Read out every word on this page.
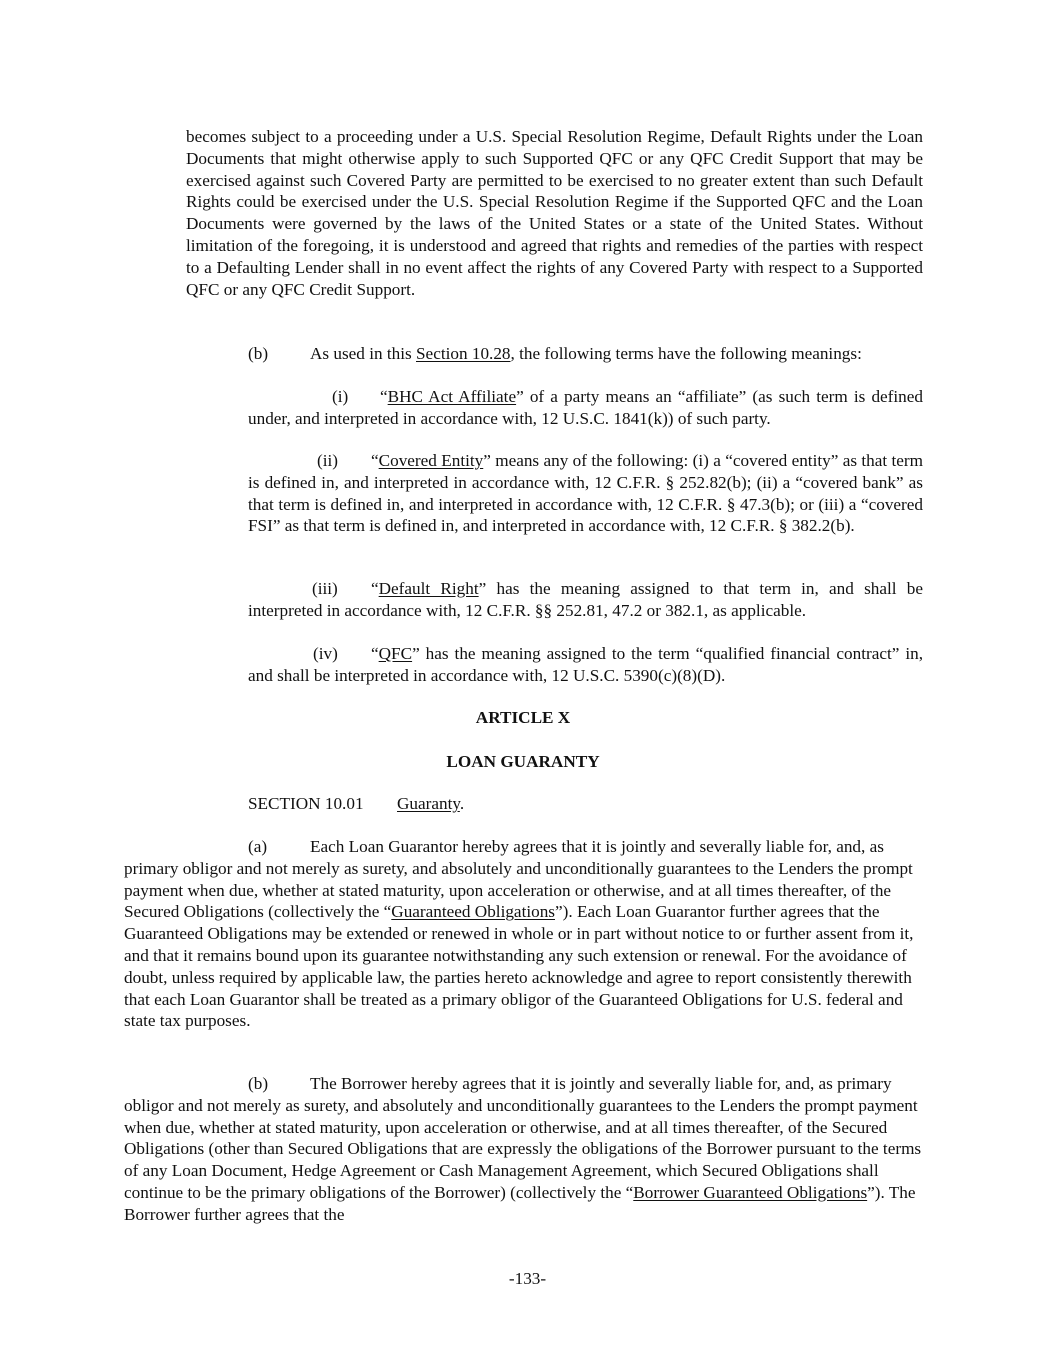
becomes subject to a proceeding under a U.S. Special Resolution Regime, Default Rights under the Loan Documents that might otherwise apply to such Supported QFC or any QFC Credit Support that may be exercised against such Covered Party are permitted to be exercised to no greater extent than such Default Rights could be exercised under the U.S. Special Resolution Regime if the Supported QFC and the Loan Documents were governed by the laws of the United States or a state of the United States. Without limitation of the foregoing, it is understood and agreed that rights and remedies of the parties with respect to a Defaulting Lender shall in no event affect the rights of any Covered Party with respect to a Supported QFC or any QFC Credit Support.
(b) As used in this Section 10.28, the following terms have the following meanings:
(i) “BHC Act Affiliate” of a party means an “affiliate” (as such term is defined under, and interpreted in accordance with, 12 U.S.C. 1841(k)) of such party.
(ii) “Covered Entity” means any of the following: (i) a “covered entity” as that term is defined in, and interpreted in accordance with, 12 C.F.R. § 252.82(b); (ii) a “covered bank” as that term is defined in, and interpreted in accordance with, 12 C.F.R. § 47.3(b); or (iii) a “covered FSI” as that term is defined in, and interpreted in accordance with, 12 C.F.R. § 382.2(b).
(iii) “Default Right” has the meaning assigned to that term in, and shall be interpreted in accordance with, 12 C.F.R. §§ 252.81, 47.2 or 382.1, as applicable.
(iv) “QFC” has the meaning assigned to the term “qualified financial contract” in, and shall be interpreted in accordance with, 12 U.S.C. 5390(c)(8)(D).
ARTICLE X
LOAN GUARANTY
SECTION 10.01 Guaranty.
(a) Each Loan Guarantor hereby agrees that it is jointly and severally liable for, and, as primary obligor and not merely as surety, and absolutely and unconditionally guarantees to the Lenders the prompt payment when due, whether at stated maturity, upon acceleration or otherwise, and at all times thereafter, of the Secured Obligations (collectively the “Guaranteed Obligations”). Each Loan Guarantor further agrees that the Guaranteed Obligations may be extended or renewed in whole or in part without notice to or further assent from it, and that it remains bound upon its guarantee notwithstanding any such extension or renewal. For the avoidance of doubt, unless required by applicable law, the parties hereto acknowledge and agree to report consistently therewith that each Loan Guarantor shall be treated as a primary obligor of the Guaranteed Obligations for U.S. federal and state tax purposes.
(b) The Borrower hereby agrees that it is jointly and severally liable for, and, as primary obligor and not merely as surety, and absolutely and unconditionally guarantees to the Lenders the prompt payment when due, whether at stated maturity, upon acceleration or otherwise, and at all times thereafter, of the Secured Obligations (other than Secured Obligations that are expressly the obligations of the Borrower pursuant to the terms of any Loan Document, Hedge Agreement or Cash Management Agreement, which Secured Obligations shall continue to be the primary obligations of the Borrower) (collectively the “Borrower Guaranteed Obligations”). The Borrower further agrees that the
-133-
